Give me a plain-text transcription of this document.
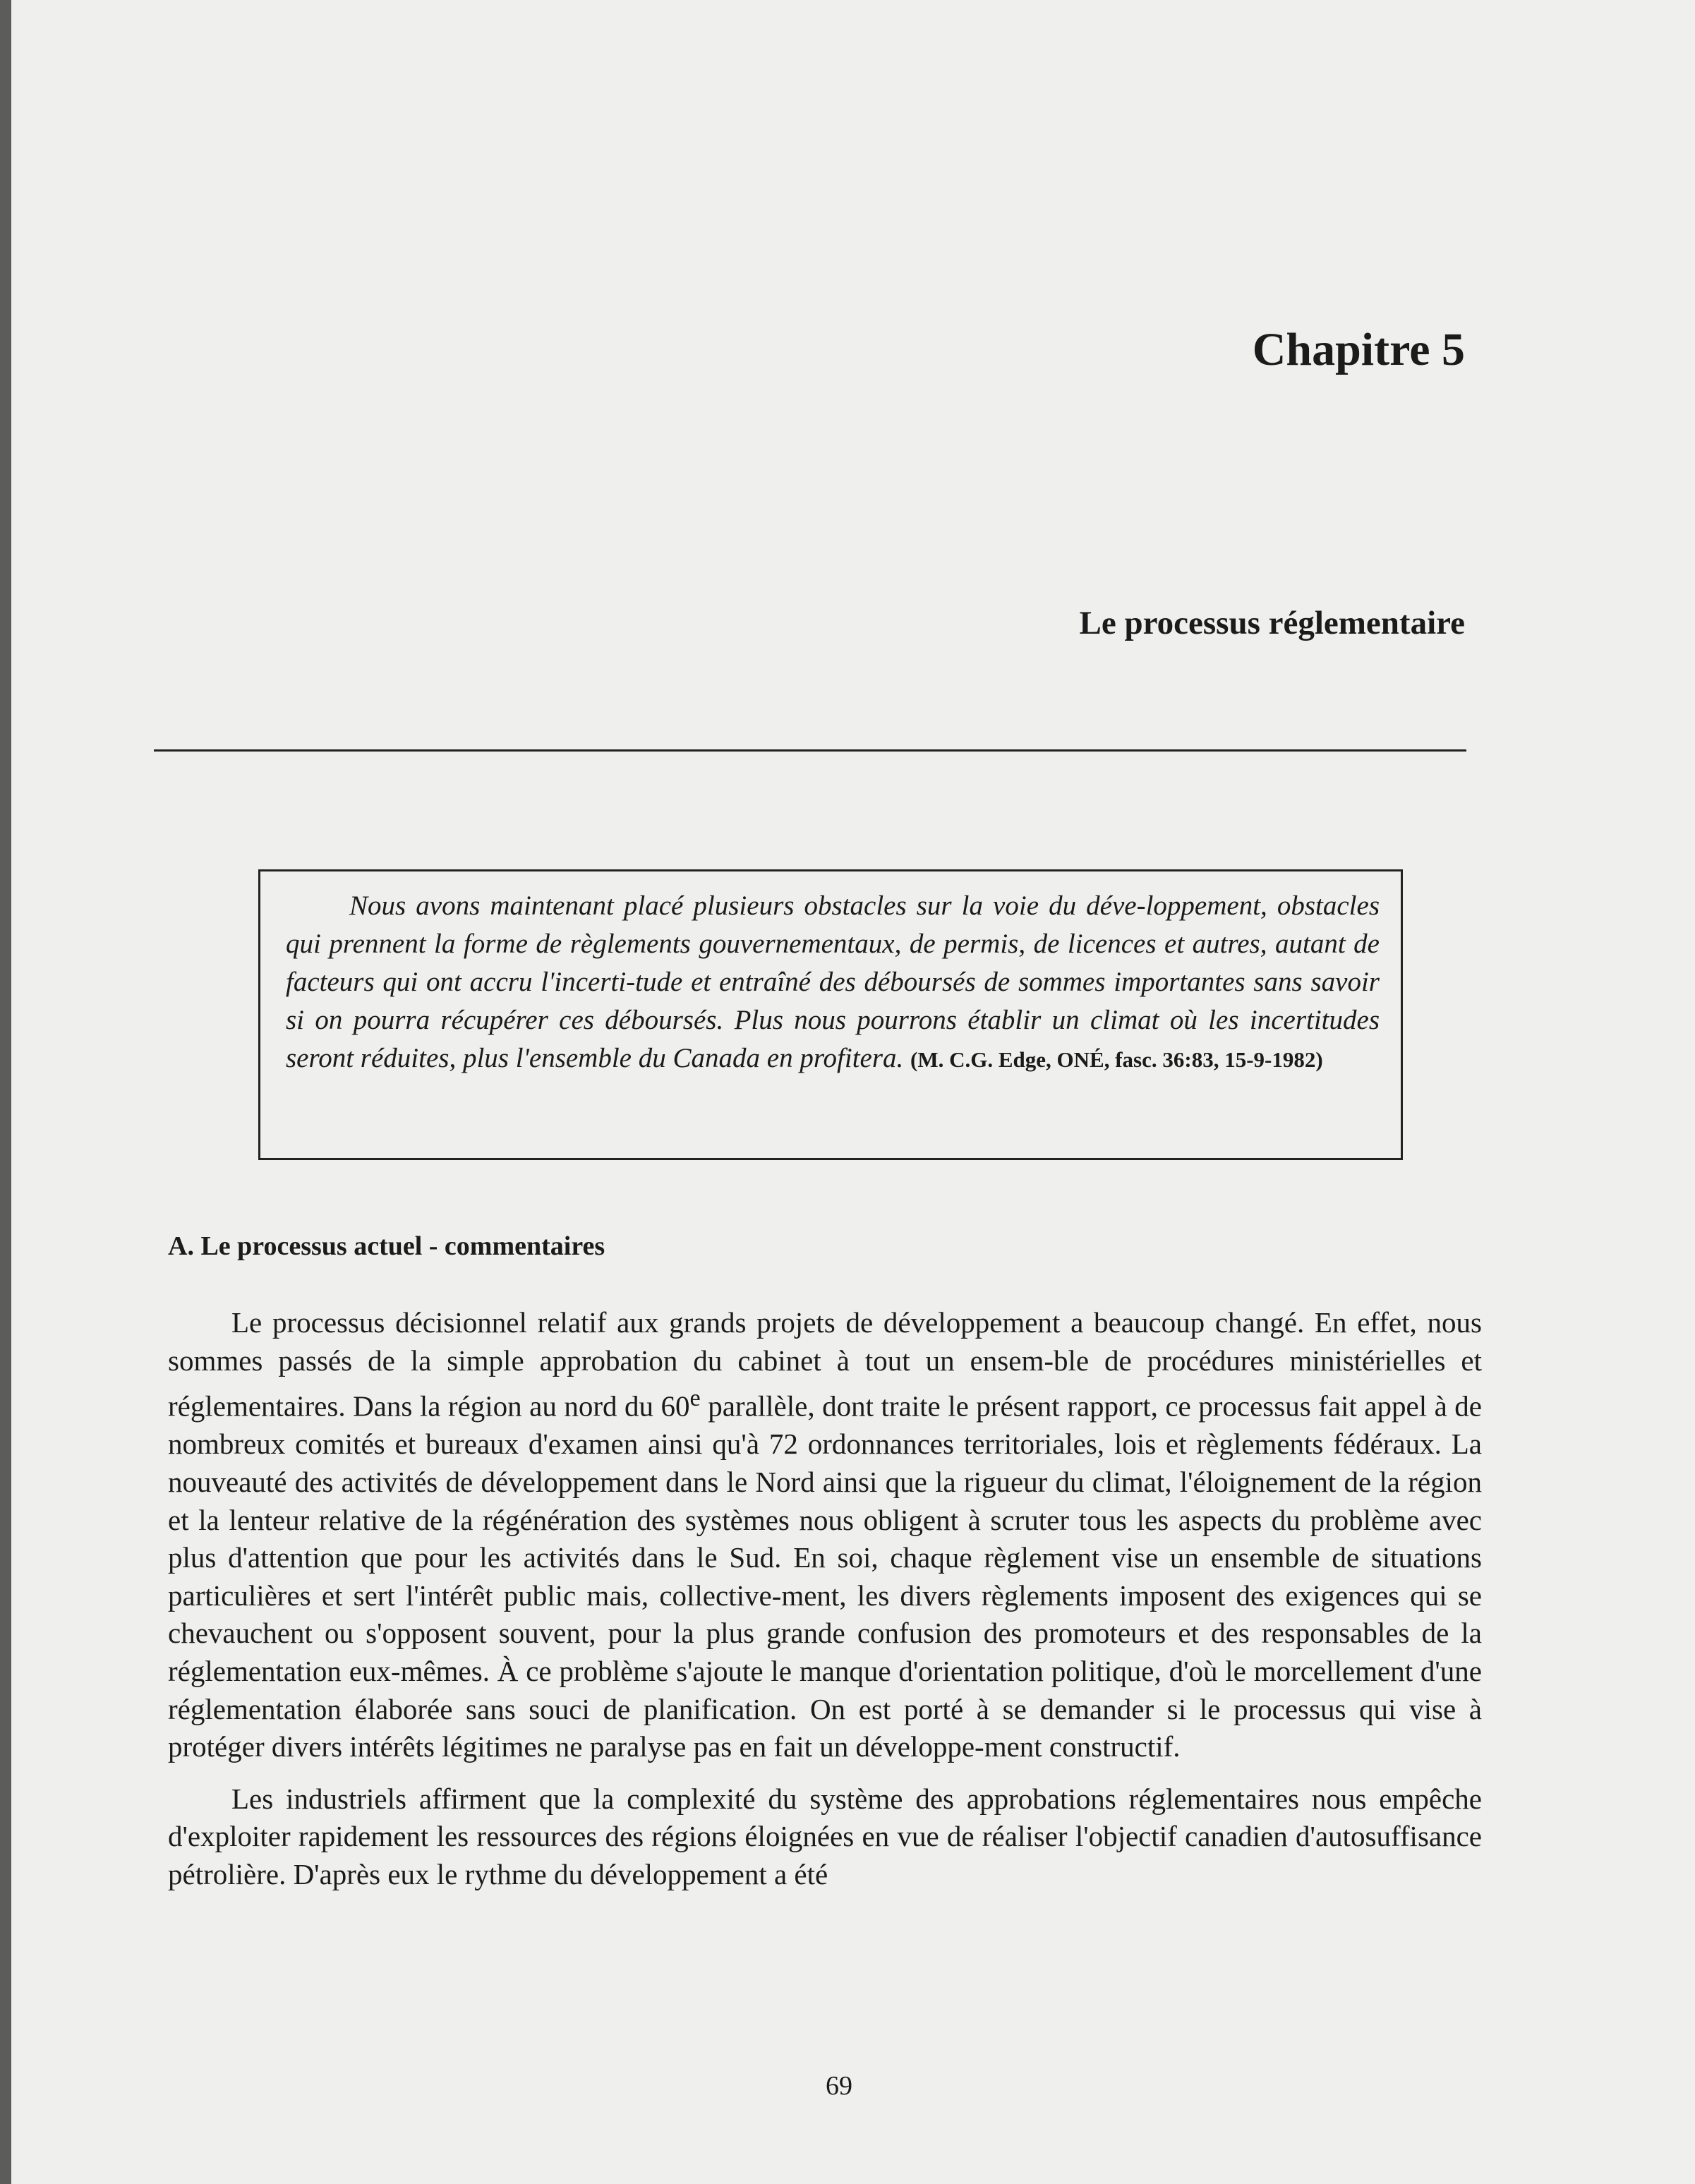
Chapitre 5
Le processus réglementaire

Nous avons maintenant placé plusieurs obstacles sur la voie du déve-loppement, obstacles qui prennent la forme de règlements gouvernementaux, de permis, de licences et autres, autant de facteurs qui ont accru l'incerti-tude et entraîné des déboursés de sommes importantes sans savoir si on pourra récupérer ces déboursés. Plus nous pourrons établir un climat où les incertitudes seront réduites, plus l'ensemble du Canada en profitera. (M. C.G. Edge, ONÉ, fasc. 36:83, 15-9-1982)

A. Le processus actuel - commentaires

Le processus décisionnel relatif aux grands projets de développement a beaucoup changé. En effet, nous sommes passés de la simple approbation du cabinet à tout un ensem-ble de procédures ministérielles et réglementaires. Dans la région au nord du 60e parallèle, dont traite le présent rapport, ce processus fait appel à de nombreux comités et bureaux d'examen ainsi qu'à 72 ordonnances territoriales, lois et règlements fédéraux. La nouveauté des activités de développement dans le Nord ainsi que la rigueur du climat, l'éloignement de la région et la lenteur relative de la régénération des systèmes nous obligent à scruter tous les aspects du problème avec plus d'attention que pour les activités dans le Sud. En soi, chaque règlement vise un ensemble de situations particulières et sert l'intérêt public mais, collective-ment, les divers règlements imposent des exigences qui se chevauchent ou s'opposent souvent, pour la plus grande confusion des promoteurs et des responsables de la réglementation eux-mêmes. À ce problème s'ajoute le manque d'orientation politique, d'où le morcellement d'une réglementation élaborée sans souci de planification. On est porté à se demander si le processus qui vise à protéger divers intérêts légitimes ne paralyse pas en fait un développe-ment constructif.

Les industriels affirment que la complexité du système des approbations réglementaires nous empêche d'exploiter rapidement les ressources des régions éloignées en vue de réaliser l'objectif canadien d'autosuffisance pétrolière. D'après eux le rythme du développement a été

69
